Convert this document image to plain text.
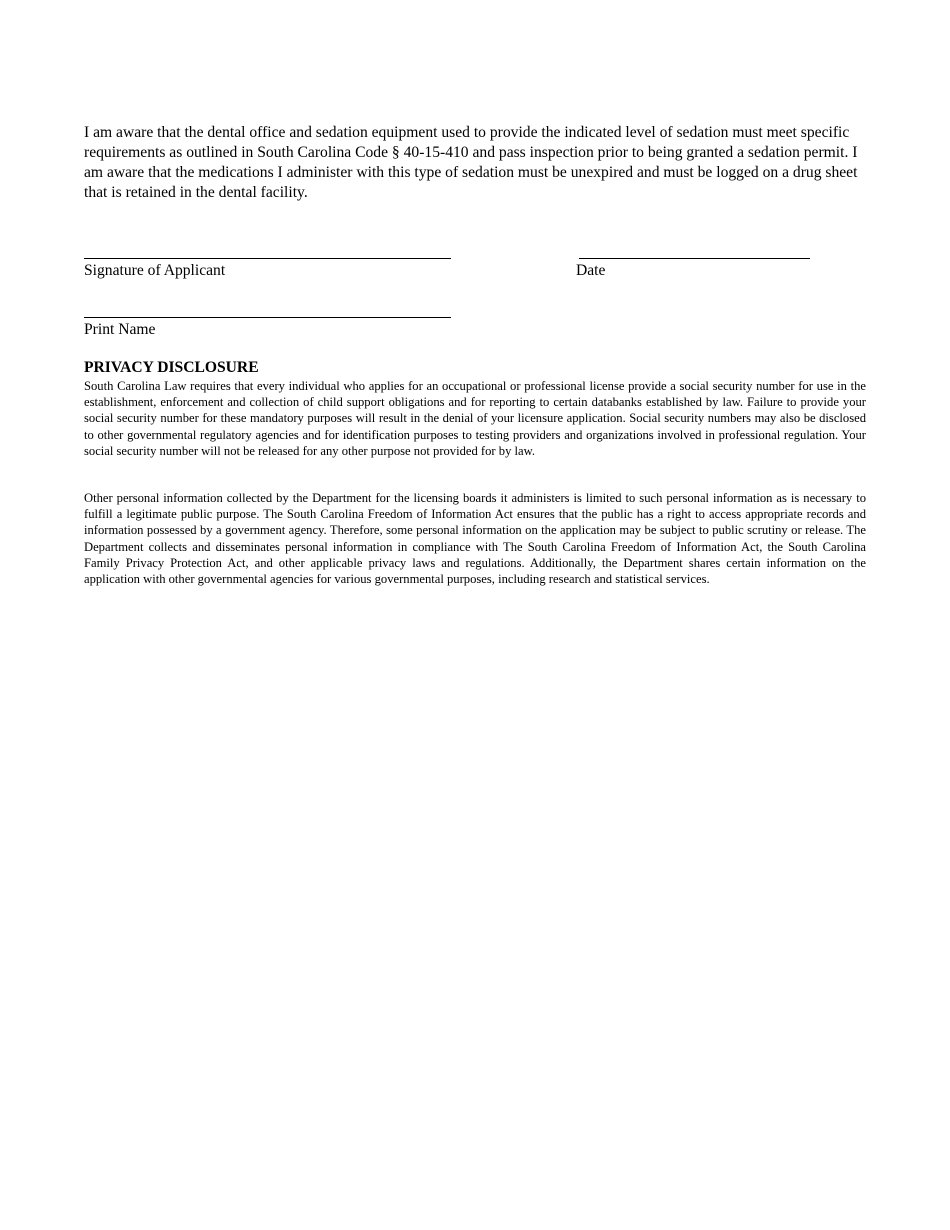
I am aware that the dental office and sedation equipment used to provide the indicated level of sedation must meet specific requirements as outlined in South Carolina Code § 40-15-410 and pass inspection prior to being granted a sedation permit. I am aware that the medications I administer with this type of sedation must be unexpired and must be logged on a drug sheet that is retained in the dental facility.

Signature of Applicant	Date

Print Name

PRIVACY DISCLOSURE

South Carolina Law requires that every individual who applies for an occupational or professional license provide a social security number for use in the establishment, enforcement and collection of child support obligations and for reporting to certain databanks established by law. Failure to provide your social security number for these mandatory purposes will result in the denial of your licensure application. Social security numbers may also be disclosed to other governmental regulatory agencies and for identification purposes to testing providers and organizations involved in professional regulation. Your social security number will not be released for any other purpose not provided for by law.

Other personal information collected by the Department for the licensing boards it administers is limited to such personal information as is necessary to fulfill a legitimate public purpose. The South Carolina Freedom of Information Act ensures that the public has a right to access appropriate records and information possessed by a government agency. Therefore, some personal information on the application may be subject to public scrutiny or release. The Department collects and disseminates personal information in compliance with The South Carolina Freedom of Information Act, the South Carolina Family Privacy Protection Act, and other applicable privacy laws and regulations. Additionally, the Department shares certain information on the application with other governmental agencies for various governmental purposes, including research and statistical services.
